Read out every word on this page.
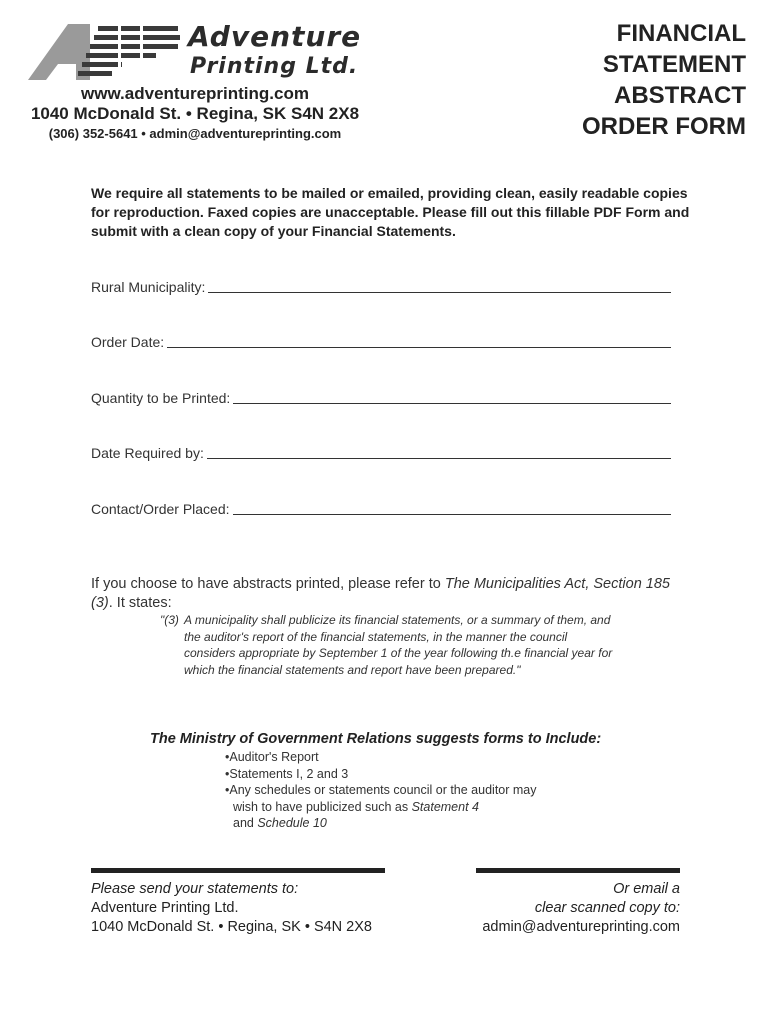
Adventure
Printing Ltd.
www.adventureprinting.com
1040 McDonald St. • Regina, SK S4N 2X8
(306) 352-5641 • admin@adventureprinting.com
FINANCIAL
STATEMENT
ABSTRACT
ORDER FORM

We require all statements to be mailed or emailed, providing clean, easily readable copies for reproduction. Faxed copies are unacceptable. Please fill out this fillable PDF Form and submit with a clean copy of your Financial Statements.

Rural Municipality:
Order Date:
Quantity to be Printed:
Date Required by:
Contact/Order Placed:

If you choose to have abstracts printed, please refer to The Municipalities Act, Section 185 (3). It states:

"(3) A municipality shall publicize its financial statements, or a summary of them, and the auditor's report of the financial statements, in the manner the council considers appropriate by September 1 of the year following th.e financial year for which the financial statements and report have been prepared."
The Ministry of Government Relations suggests forms to Include:
• Auditor's Report
• Statements I, 2 and 3
• Any schedules or statements council or the auditor may wish to have publicized such as Statement 4
and Schedule 10
Please send your statements to:
Adventure Printing Ltd.
1040 McDonald St. • Regina, SK • S4N 2X8
Or email a
clear scanned copy to:
admin@adventureprinting.com
